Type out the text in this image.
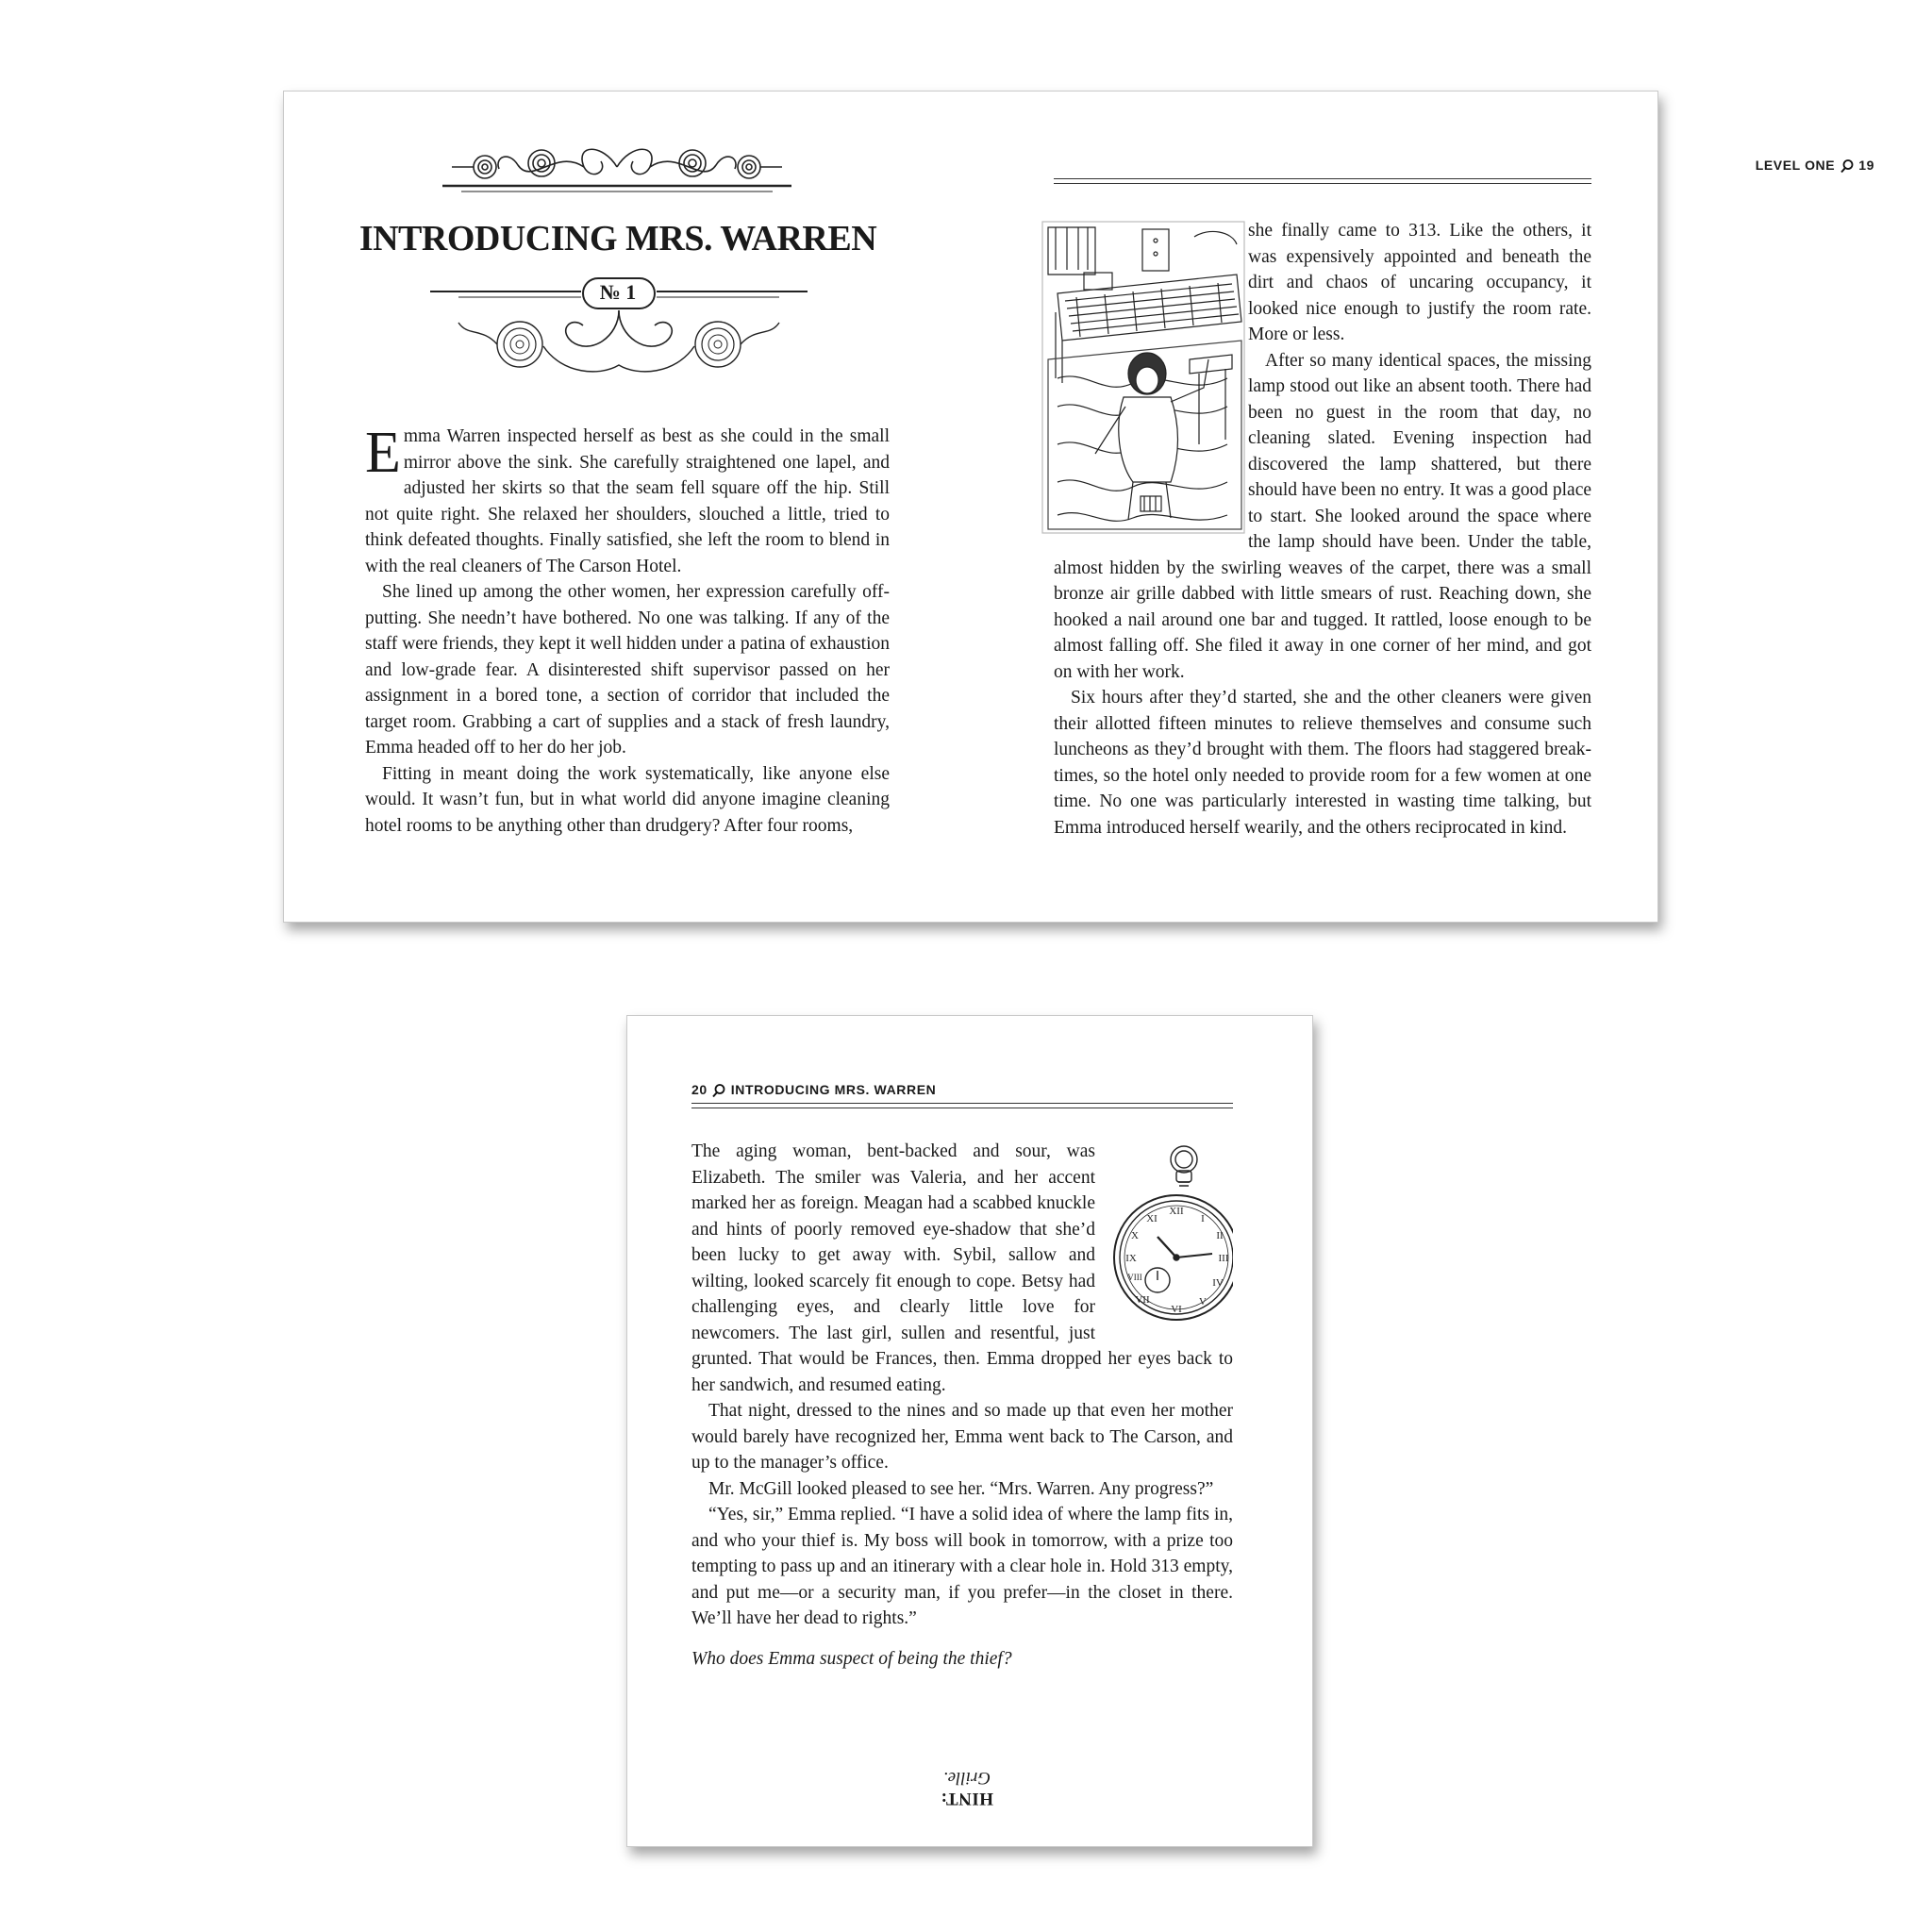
INTRODUCING MRS. WARREN
№ 1

Emma Warren inspected herself as best as she could in the small mirror above the sink. She carefully straightened one lapel, and adjusted her skirts so that the seam fell square off the hip. Still not quite right. She relaxed her shoulders, slouched a little, tried to think defeated thoughts. Finally satisfied, she left the room to blend in with the real cleaners of The Carson Hotel.

She lined up among the other women, her expression carefully off-putting. She needn’t have bothered. No one was talking. If any of the staff were friends, they kept it well hidden under a patina of exhaustion and low-grade fear. A disinterested shift supervisor passed on her assignment in a bored tone, a section of corridor that included the target room. Grabbing a cart of supplies and a stack of fresh laundry, Emma headed off to her do her job.

Fitting in meant doing the work systematically, like anyone else would. It wasn’t fun, but in what world did anyone imagine cleaning hotel rooms to be anything other than drudgery? After four rooms,

LEVEL ONE 19

she finally came to 313. Like the others, it was expensively appointed and beneath the dirt and chaos of uncaring occupancy, it looked nice enough to justify the room rate. More or less.

After so many identical spaces, the missing lamp stood out like an absent tooth. There had been no guest in the room that day, no cleaning slated. Evening inspection had discovered the lamp shattered, but there should have been no entry. It was a good place to start. She looked around the space where the lamp should have been. Under the table, almost hidden by the swirling weaves of the carpet, there was a small bronze air grille dabbed with little smears of rust. Reaching down, she hooked a nail around one bar and tugged. It rattled, loose enough to be almost falling off. She filed it away in one corner of her mind, and got on with her work.

Six hours after they’d started, she and the other cleaners were given their allotted fifteen minutes to relieve themselves and consume such luncheons as they’d brought with them. The floors had staggered break-times, so the hotel only needed to provide room for a few women at one time. No one was particularly interested in wasting time talking, but Emma introduced herself wearily, and the others reciprocated in kind.

20 INTRODUCING MRS. WARREN
XII
I
II
III
IV
V
VI
VII
VIII
IX
X
XI

The aging woman, bent-backed and sour, was Elizabeth. The smiler was Valeria, and her accent marked her as foreign. Meagan had a scabbed knuckle and hints of poorly removed eye-shadow that she’d been lucky to get away with. Sybil, sallow and wilting, looked scarcely fit enough to cope. Betsy had challenging eyes, and clearly little love for newcomers. The last girl, sullen and resentful, just grunted. That would be Frances, then. Emma dropped her eyes back to her sandwich, and resumed eating.

That night, dressed to the nines and so made up that even her mother would barely have recognized her, Emma went back to The Carson, and up to the manager’s office.

Mr. McGill looked pleased to see her. “Mrs. Warren. Any progress?”

“Yes, sir,” Emma replied. “I have a solid idea of where the lamp fits in, and who your thief is. My boss will book in tomorrow, with a prize too tempting to pass up and an itinerary with a clear hole in. Hold 313 empty, and put me—or a security man, if you prefer—in the closet in there. We’ll have her dead to rights.”

Who does Emma suspect of being the thief?

HINT:
Grille.
